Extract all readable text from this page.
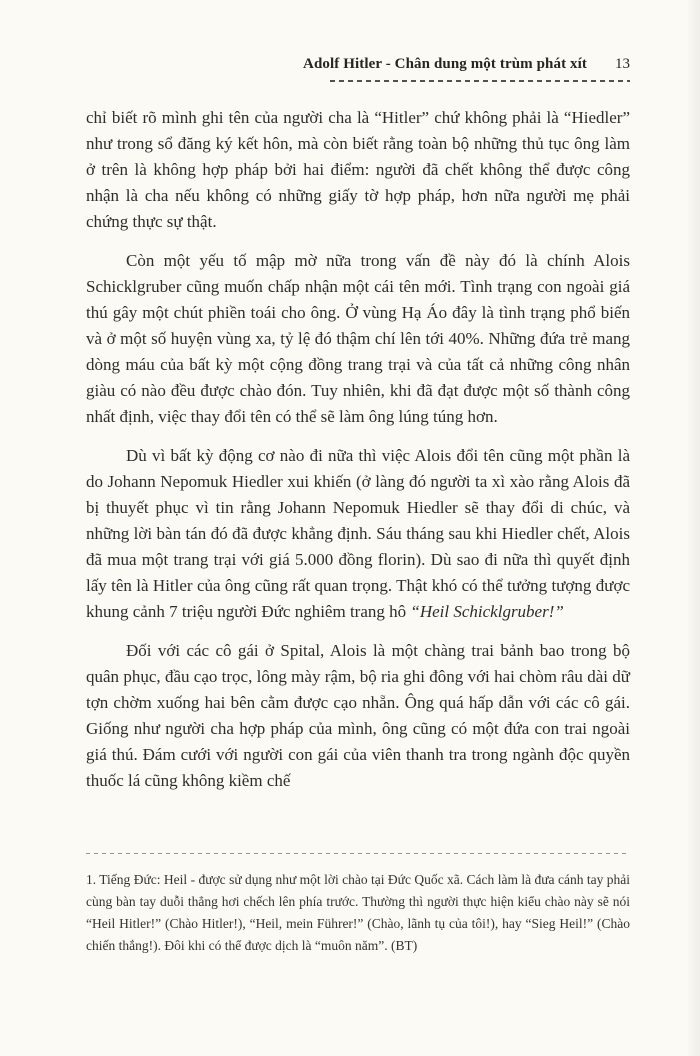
Adolf Hitler - Chân dung một trùm phát xít 13

chỉ biết rõ mình ghi tên của người cha là “Hitler” chứ không phải là “Hiedler” như trong sổ đăng ký kết hôn, mà còn biết rằng toàn bộ những thủ tục ông làm ở trên là không hợp pháp bởi hai điểm: người đã chết không thể được công nhận là cha nếu không có những giấy tờ hợp pháp, hơn nữa người mẹ phải chứng thực sự thật.

Còn một yếu tố mập mờ nữa trong vấn đề này đó là chính Alois Schicklgruber cũng muốn chấp nhận một cái tên mới. Tình trạng con ngoài giá thú gây một chút phiền toái cho ông. Ở vùng Hạ Áo đây là tình trạng phổ biến và ở một số huyện vùng xa, tỷ lệ đó thậm chí lên tới 40%. Những đứa trẻ mang dòng máu của bất kỳ một cộng đồng trang trại và của tất cả những công nhân giàu có nào đều được chào đón. Tuy nhiên, khi đã đạt được một số thành công nhất định, việc thay đổi tên có thể sẽ làm ông lúng túng hơn.

Dù vì bất kỳ động cơ nào đi nữa thì việc Alois đổi tên cũng một phần là do Johann Nepomuk Hiedler xui khiến (ở làng đó người ta xì xào rằng Alois đã bị thuyết phục vì tin rằng Johann Nepomuk Hiedler sẽ thay đổi di chúc, và những lời bàn tán đó đã được khẳng định. Sáu tháng sau khi Hiedler chết, Alois đã mua một trang trại với giá 5.000 đồng florin). Dù sao đi nữa thì quyết định lấy tên là Hitler của ông cũng rất quan trọng. Thật khó có thể tưởng tượng được khung cảnh 7 triệu người Đức nghiêm trang hô “Heil Schicklgruber!”

Đối với các cô gái ở Spital, Alois là một chàng trai bảnh bao trong bộ quân phục, đầu cạo trọc, lông mày rậm, bộ ria ghi đông với hai chòm râu dài dữ tợn chờm xuống hai bên cằm được cạo nhẵn. Ông quá hấp dẫn với các cô gái. Giống như người cha hợp pháp của mình, ông cũng có một đứa con trai ngoài giá thú. Đám cưới với người con gái của viên thanh tra trong ngành độc quyền thuốc lá cũng không kiềm chế

1. Tiếng Đức: Heil - được sử dụng như một lời chào tại Đức Quốc xã. Cách làm là đưa cánh tay phải cùng bàn tay duỗi thẳng hơi chếch lên phía trước. Thường thì người thực hiện kiểu chào này sẽ nói “Heil Hitler!” (Chào Hitler!), “Heil, mein Führer!” (Chào, lãnh tụ của tôi!), hay “Sieg Heil!” (Chào chiến thắng!). Đôi khi có thể được dịch là “muôn năm”. (BT)
